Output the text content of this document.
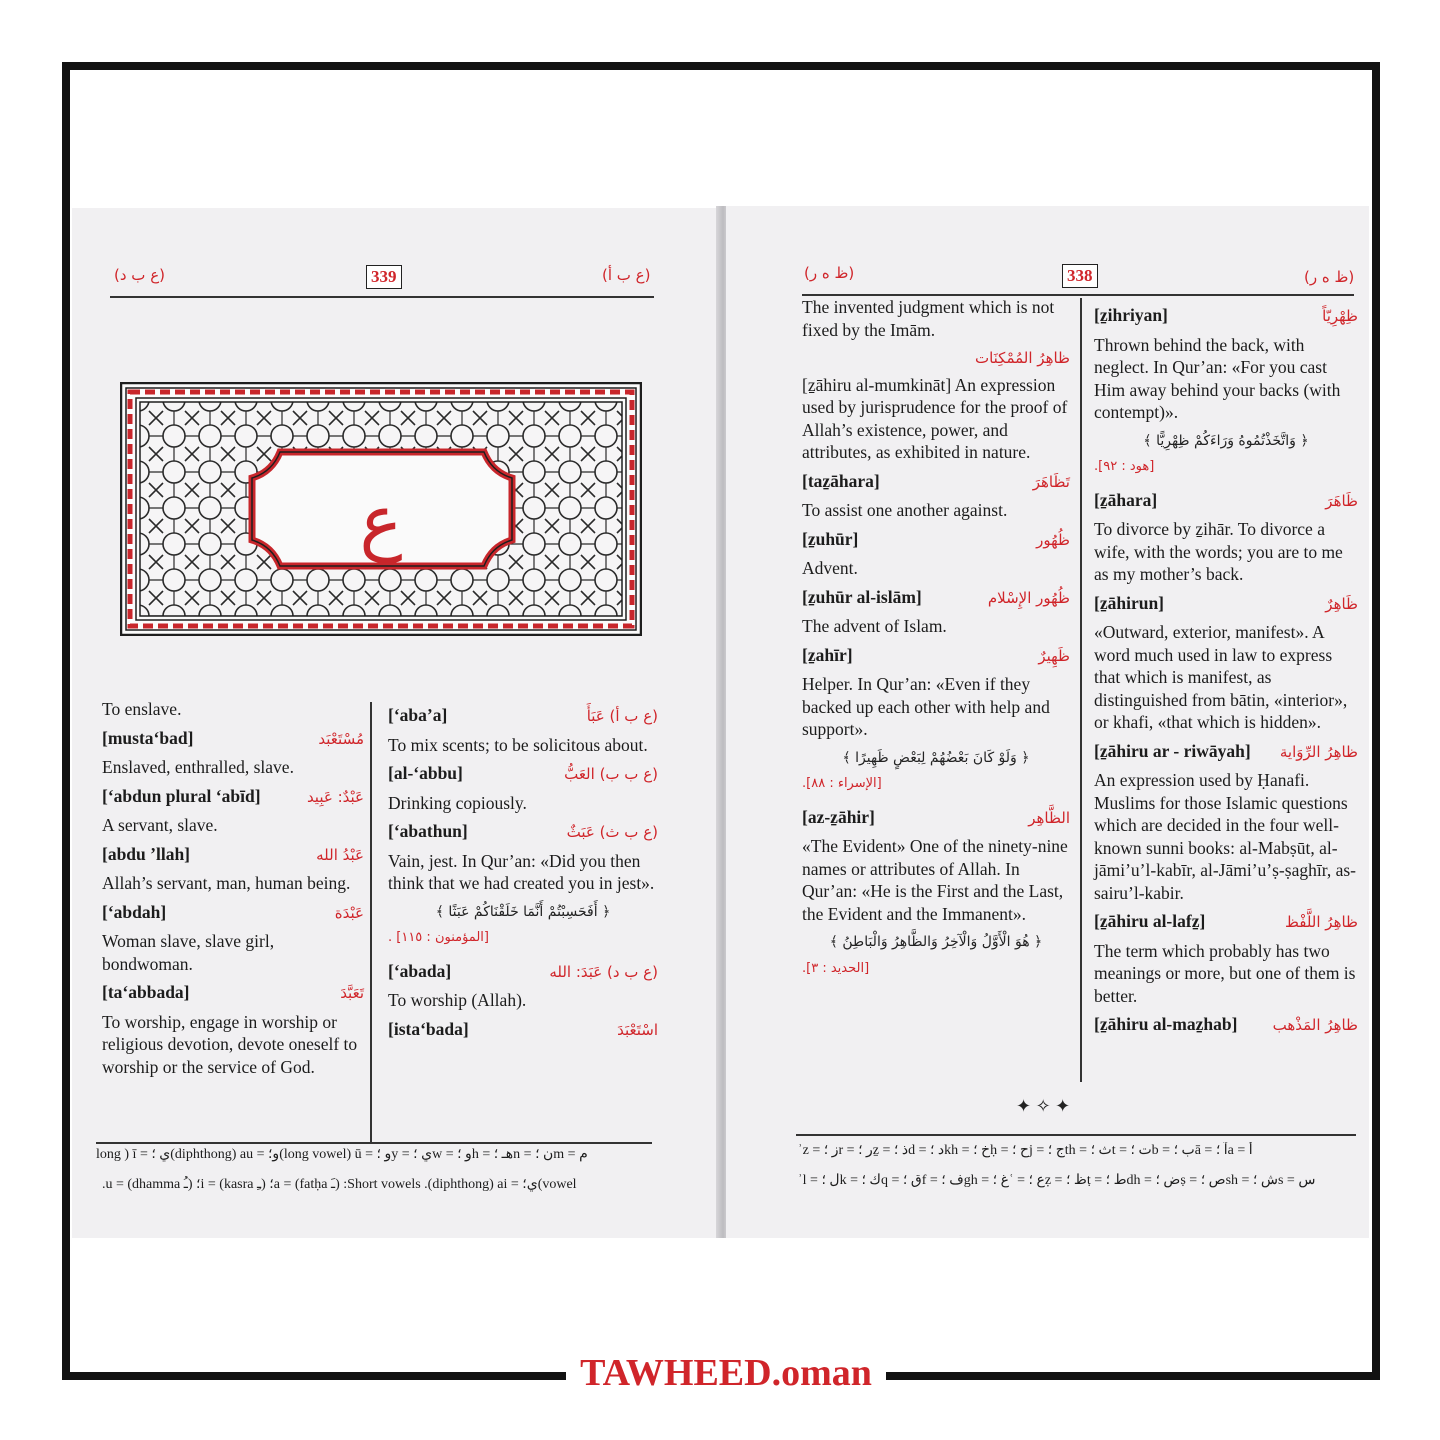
(ع ب د)	339	(ع ب أ)

To enslave.

[musta‘bad]	مُسْتَعْبَد

Enslaved, enthralled, slave.

[‘abdun plural ‘abīd]	عَبْدٌ: عَبِيد

A servant, slave.

[abdu ’llah]	عَبْدُ الله

Allah’s servant, man, human being.

[‘abdah]	عَبْدَة

Woman slave, slave girl, bondwoman.

[ta‘abbada]	تَعَبَّدَ

To worship, engage in worship or religious devotion, devote oneself to worship or the service of God.

[‘aba’a]	(ع ب أ) عَبَأَ

To mix scents; to be solicitous about.

[al-‘abbu]	(ع ب ب) العَبُّ

Drinking copiously.

[‘abathun]	(ع ب ث) عَبَثٌ

Vain, jest. In Qur’an: «Did you then think that we had created you in jest».

﴿ أَفَحَسِبْتُمْ أَنَّمَا خَلَقْنَاكُمْ عَبَثًا ﴾
[المؤمنون : ١١٥] .
[‘abada]	(ع ب د) عَبَدَ: الله

To worship (Allah).

[ista‘bada]	اسْتَعْبَدَ
long ) ī = ي ؛(diphthong) au = و؛(long vowel) ū = و ؛y = ي ؛w = و ؛h = هـ ؛n = ن ؛m = م
.u = (dhamma ـُ) ؛i = (kasra ـِ) ؛a = (fatḥa ـَ) :Short vowels .(diphthong) ai = ي؛(vowel
ع
(ظ ه ر)	338	(ظ ه ر)

The invented judgment which is not fixed by the Imām.

ظاهِرُ المُمْكِنَات

[ẕāhiru al-mumkināt] An expression used by jurisprudence for the proof of Allah’s existence, power, and attributes, as exhibited in nature.

[taẕāhara]	تَظَاهَرَ

To assist one another against.

[ẕuhūr]	ظُهُور

Advent.

[ẕuhūr al-islām]	ظُهُور الإِسْلام

The advent of Islam.

[ẕahīr]	ظَهِيرٌ

Helper. In Qur’an: «Even if they backed up each other with help and support».

﴿ وَلَوْ كَانَ بَعْضُهُمْ لِبَعْضٍ ظَهِيرًا ﴾
[الإسراء : ٨٨].
[az-ẕāhir]	الظَّاهِر

«The Evident» One of the ninety-nine names or attributes of Allah. In Qur’an: «He is the First and the Last, the Evident and the Immanent».

﴿ هُوَ الْأَوَّلُ وَالْآخِرُ وَالظَّاهِرُ وَالْبَاطِنُ ﴾
[الحديد : ٣].
[ẕihriyan]	ظِهْرِيّاً

Thrown behind the back, with neglect. In Qur’an: «For you cast Him away behind your backs (with contempt)».

﴿ وَاتَّخَذْتُمُوهُ وَرَاءَكُمْ ظِهْرِيًّا ﴾
[هود : ٩٢].
[ẕāhara]	ظَاهَرَ

To divorce by ẕihār. To divorce a wife, with the words; you are to me as my mother’s back.

[ẕāhirun]	ظَاهِرٌ

«Outward, exterior, manifest». A word much used in law to express that which is manifest, as distinguished from bātin, «interior», or khafi, «that which is hidden».

[ẕāhiru ar - riwāyah] ظاهِرُ الرِّوَاية

An expression used by Ḥanafi. Muslims for those Islamic questions which are decided in the four well-known sunni books: al-Mabṣūt, al-jāmi’u’l-kabīr, al-Jāmi’u’ṣ-ṣaghīr, as-sairu’l-kabir.

[ẕāhiru al-lafẕ]	ظاهِرُ اللَّفْظ

The term which probably has two meanings or more, but one of them is better.

[ẕāhiru al-maẕhab] ظاهِرُ المَذْهب
✦ ✧ ✦
ʾz = ز ؛r = ر ؛ẕ = ذ ؛d = د ؛kh = خ ؛ḥ = ح ؛j = ج ؛th = ث ؛t = ت ؛b = ب ؛ā = آ ؛a = أ
ʾl = ل ؛k = ك ؛q = ق ؛f = ف ؛gh = غ ؛ʿ = ع ؛ẓ = ظ ؛ṭ = ط ؛dh = ض ؛ṣ = ص ؛sh = ش ؛s = س
TAWHEED.oman
